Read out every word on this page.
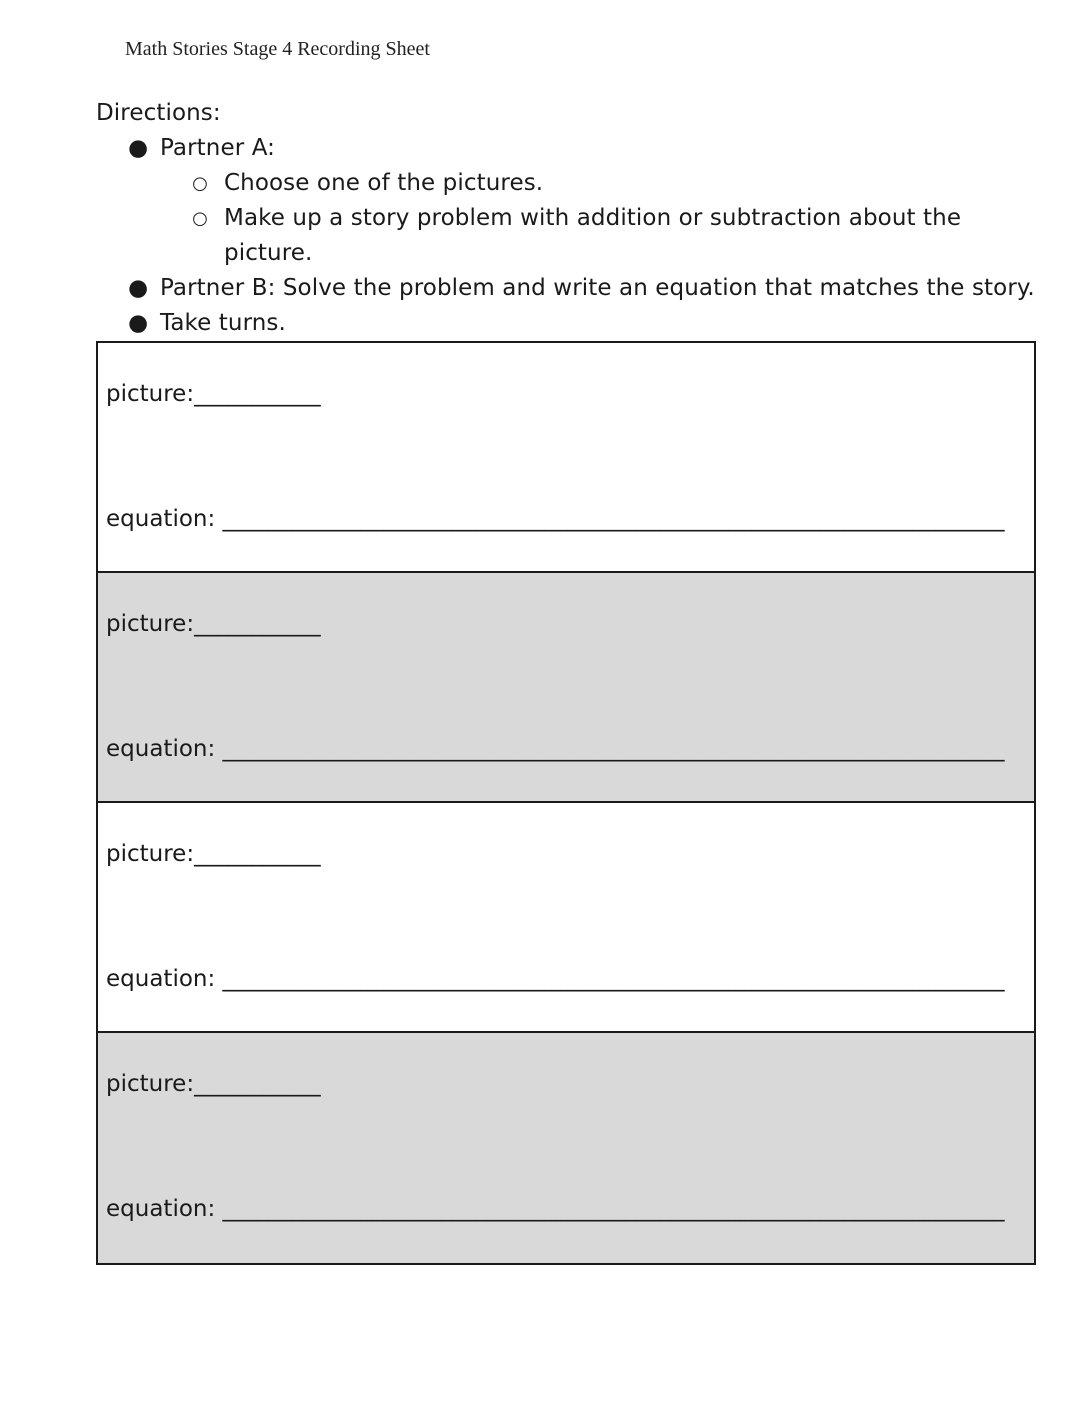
Math Stories Stage 4 Recording Sheet
Directions:
● Partner A:
○ Choose one of the pictures.
○ Make up a story problem with addition or subtraction about the picture.
● Partner B: Solve the problem and write an equation that matches the story.
● Take turns.
picture:___________
equation: ____________________________________________________________________
picture:___________
equation: ____________________________________________________________________
picture:___________
equation: ____________________________________________________________________
picture:___________
equation: ____________________________________________________________________
